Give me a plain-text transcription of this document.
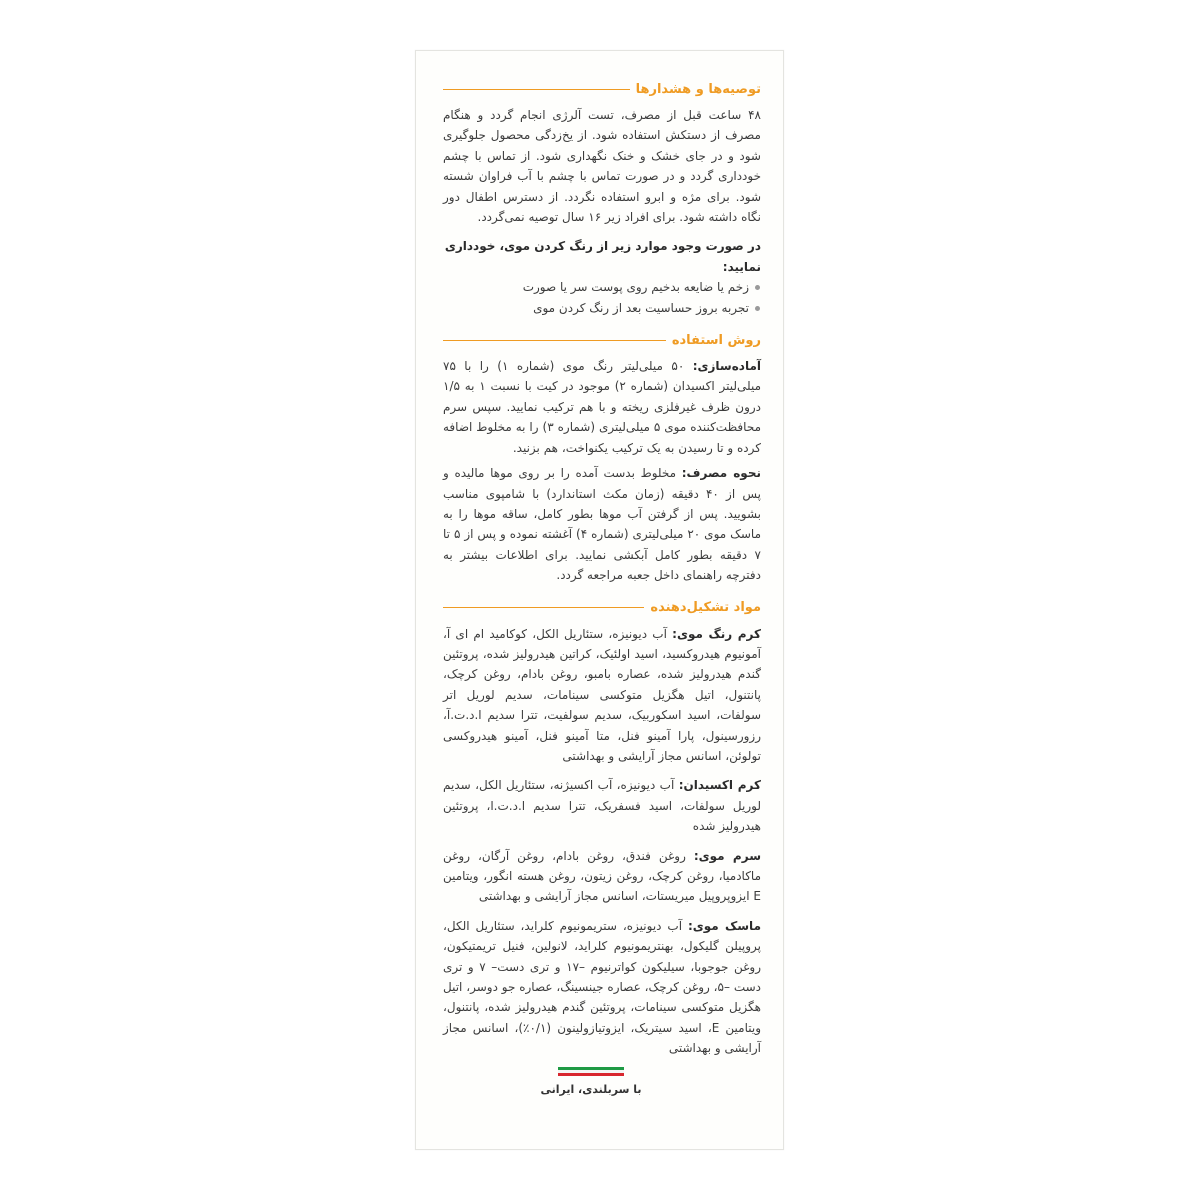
توصیه‌ها و هشدارها

۴۸ ساعت قبل از مصرف، تست آلرژی انجام گردد و هنگام مصرف از دستکش استفاده شود. از یخ‌زدگی محصول جلوگیری شود و در جای خشک و خنک نگهداری شود. از تماس با چشم خودداری گردد و در صورت تماس با چشم با آب فراوان شسته شود. برای مژه و ابرو استفاده نگردد. از دسترس اطفال دور نگاه داشته شود. برای افراد زیر ۱۶ سال توصیه نمی‌گردد.

در صورت وجود موارد زیر از رنگ کردن موی، خودداری نمایید:

زخم یا ضایعه بدخیم روی پوست سر یا صورت
تجربه بروز حساسیت بعد از رنگ کردن موی
روش استفاده

آماده‌سازی: ۵۰ میلی‌لیتر رنگ موی (شماره ۱) را با ۷۵ میلی‌لیتر اکسیدان (شماره ۲) موجود در کیت با نسبت ۱ به ۱/۵ درون ظرف غیرفلزی ریخته و با هم ترکیب نمایید. سپس سرم محافظت‌کننده موی ۵ میلی‌لیتری (شماره ۳) را به مخلوط اضافه کرده و تا رسیدن به یک ترکیب یکنواخت، هم بزنید.

نحوه مصرف: مخلوط بدست آمده را بر روی موها مالیده و پس از ۴۰ دقیقه (زمان مکث استاندارد) با شامپوی مناسب بشویید. پس از گرفتن آب موها بطور کامل، ساقه موها را به ماسک موی ۲۰ میلی‌لیتری (شماره ۴) آغشته نموده و پس از ۵ تا ۷ دقیقه بطور کامل آبکشی نمایید. برای اطلاعات بیشتر به دفترچه راهنمای داخل جعبه مراجعه گردد.

مواد تشکیل‌دهنده

کرم رنگ موی: آب دیونیزه، ستئاریل الکل، کوکامید ام ای آ، آمونیوم هیدروکسید، اسید اولئیک، کراتین هیدرولیز شده، پروتئین گندم هیدرولیز شده، عصاره بامبو، روغن بادام، روغن کرچک، پانتنول، اتیل هگزیل متوکسی سینامات، سدیم لوریل اتر سولفات، اسید اسکوربیک، سدیم سولفیت، تترا سدیم ا.د.ت.آ، رزورسینول، پارا آمینو فنل، متا آمینو فنل، آمینو هیدروکسی تولوئن، اسانس مجاز آرایشی و بهداشتی

کرم اکسیدان: آب دیونیزه، آب اکسیژنه، ستئاریل الکل، سدیم لوریل سولفات، اسید فسفریک، تترا سدیم ا.د.ت.ا، پروتئین هیدرولیز شده

سرم موی: روغن فندق، روغن بادام، روغن آرگان، روغن ماکادمیا، روغن کرچک، روغن زیتون، روغن هسته انگور، ویتامین E ایزوپروپیل میریستات، اسانس مجاز آرایشی و بهداشتی

ماسک موی: آب دیونیزه، ستریمونیوم کلراید، ستئاریل الکل، پروپیلن گلیکول، بهنتریمونیوم کلراید، لانولین، فنیل تریمتیکون، روغن جوجوبا، سیلیکون کواترنیوم –۱۷ و تری دست– ۷ و تری دست –۵، روغن کرچک، عصاره جینسینگ، عصاره جو دوسر، اتیل هگزیل متوکسی سینامات، پروتئین گندم هیدرولیز شده، پانتنول، ویتامین E، اسید سیتریک، ایزوتیازولینون (۰/۱٪)، اسانس مجاز آرایشی و بهداشتی

با سربلندی، ایرانی
